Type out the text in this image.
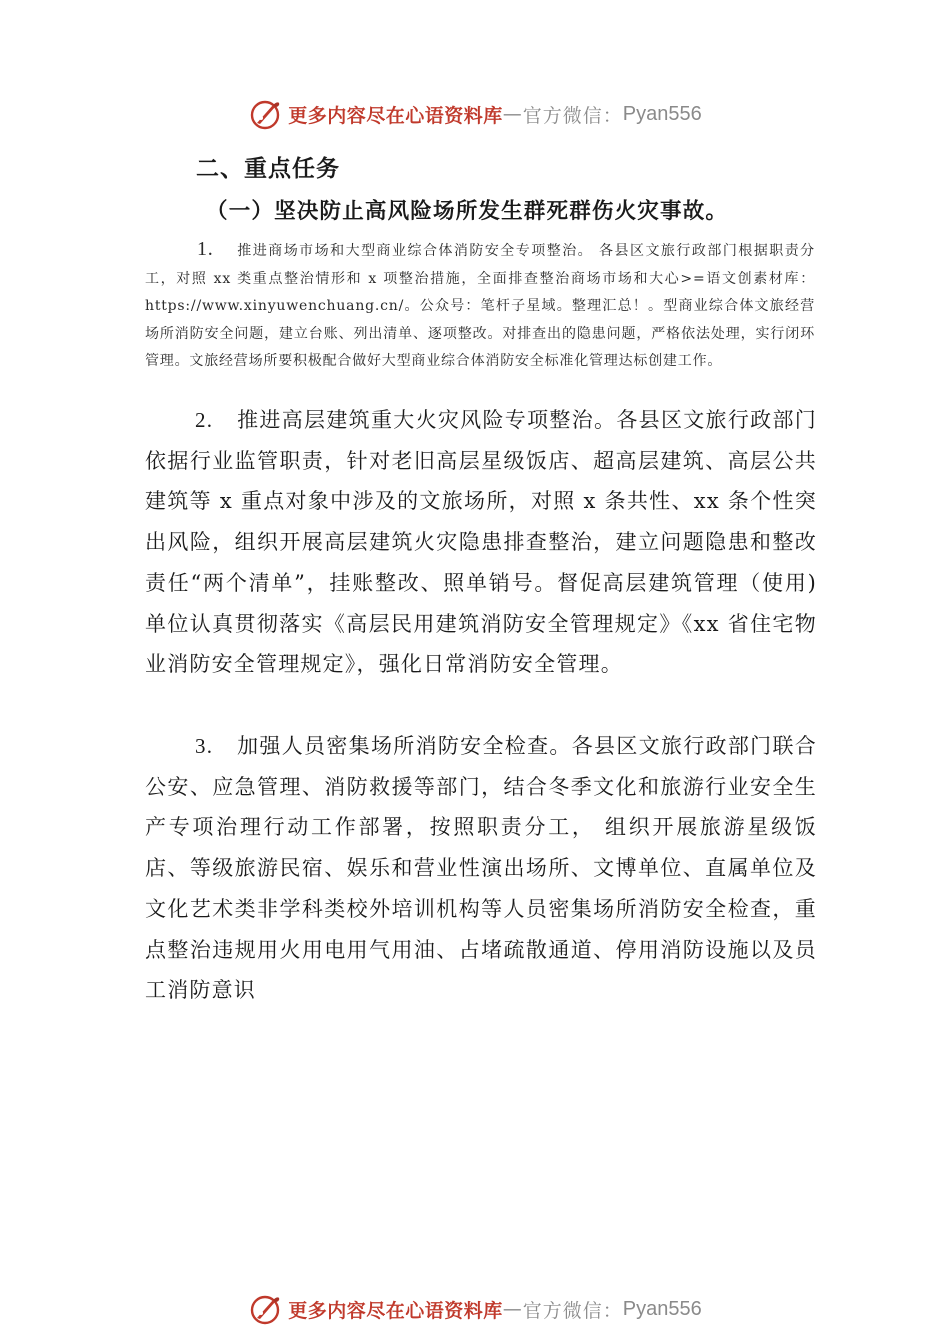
更多内容尽在心语资料库 — 官方微信： Pyan556
二、重点任务
（一）坚决防止高风险场所发生群死群伤火灾事故。

1. 推进商场市场和大型商业综合体消防安全专项整治。 各县区文旅行政部门根据职责分工，对照 xx 类重点整治情形和 x 项整治措施，全面排查整治商场市场和大心>=语文创素材库：https://www.xinyuwenchuang.cn/。公众号：笔杆子星域。整理汇总！。型商业综合体文旅经营场所消防安全问题，建立台账、列出清单、逐项整改。对排查出的隐患问题，严格依法处理，实行闭环管理。文旅经营场所要积极配合做好大型商业综合体消防安全标准化管理达标创建工作。

2. 推进高层建筑重大火灾风险专项整治。各县区文旅行政部门依据行业监管职责，针对老旧高层星级饭店、超高层建筑、高层公共建筑等 x 重点对象中涉及的文旅场所，对照 x 条共性、xx 条个性突出风险，组织开展高层建筑火灾隐患排查整治，建立问题隐患和整改责任“两个清单”，挂账整改、照单销号。督促高层建筑管理（使用)单位认真贯彻落实《高层民用建筑消防安全管理规定》《xx 省住宅物业消防安全管理规定》，强化日常消防安全管理。

3. 加强人员密集场所消防安全检查。各县区文旅行政部门联合公安、应急管理、消防救援等部门，结合冬季文化和旅游行业安全生产专项治理行动工作部署，按照职责分工， 组织开展旅游星级饭店、等级旅游民宿、娱乐和营业性演出场所、文博单位、直属单位及文化艺术类非学科类校外培训机构等人员密集场所消防安全检查，重点整治违规用火用电用气用油、占堵疏散通道、停用消防设施以及员工消防意识

更多内容尽在心语资料库 — 官方微信： Pyan556
